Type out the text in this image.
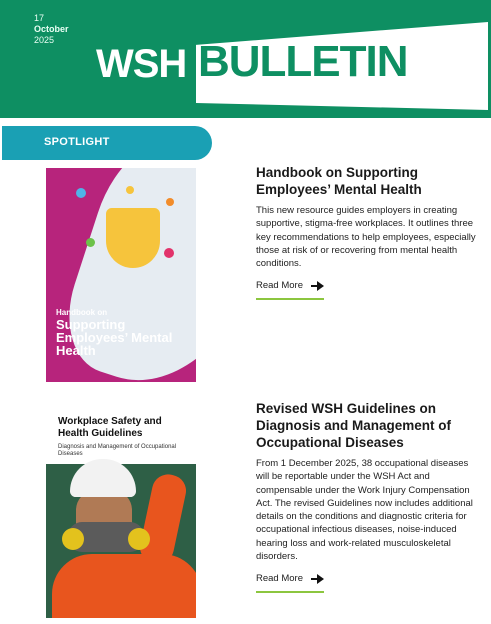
17
October
2025
WSH BULLETIN
SPOTLIGHT
Handbook on
Supporting Employees’ Mental Health
Handbook on Supporting Employees’ Mental Health
This new resource guides employers in creating supportive, stigma-free workplaces. It outlines three key recommendations to help employees, especially those at risk of or recovering from mental health conditions.
Read More
Workplace Safety and Health Guidelines
Diagnosis and Management of Occupational Diseases
Revised WSH Guidelines on Diagnosis and Management of Occupational Diseases
From 1 December 2025, 38 occupational diseases will be reportable under the WSH Act and compensable under the Work Injury Compensation Act. The revised Guidelines now includes additional details on the conditions and diagnostic criteria for occupational infectious diseases, noise-induced hearing loss and work-related musculoskeletal disorders.
Read More
